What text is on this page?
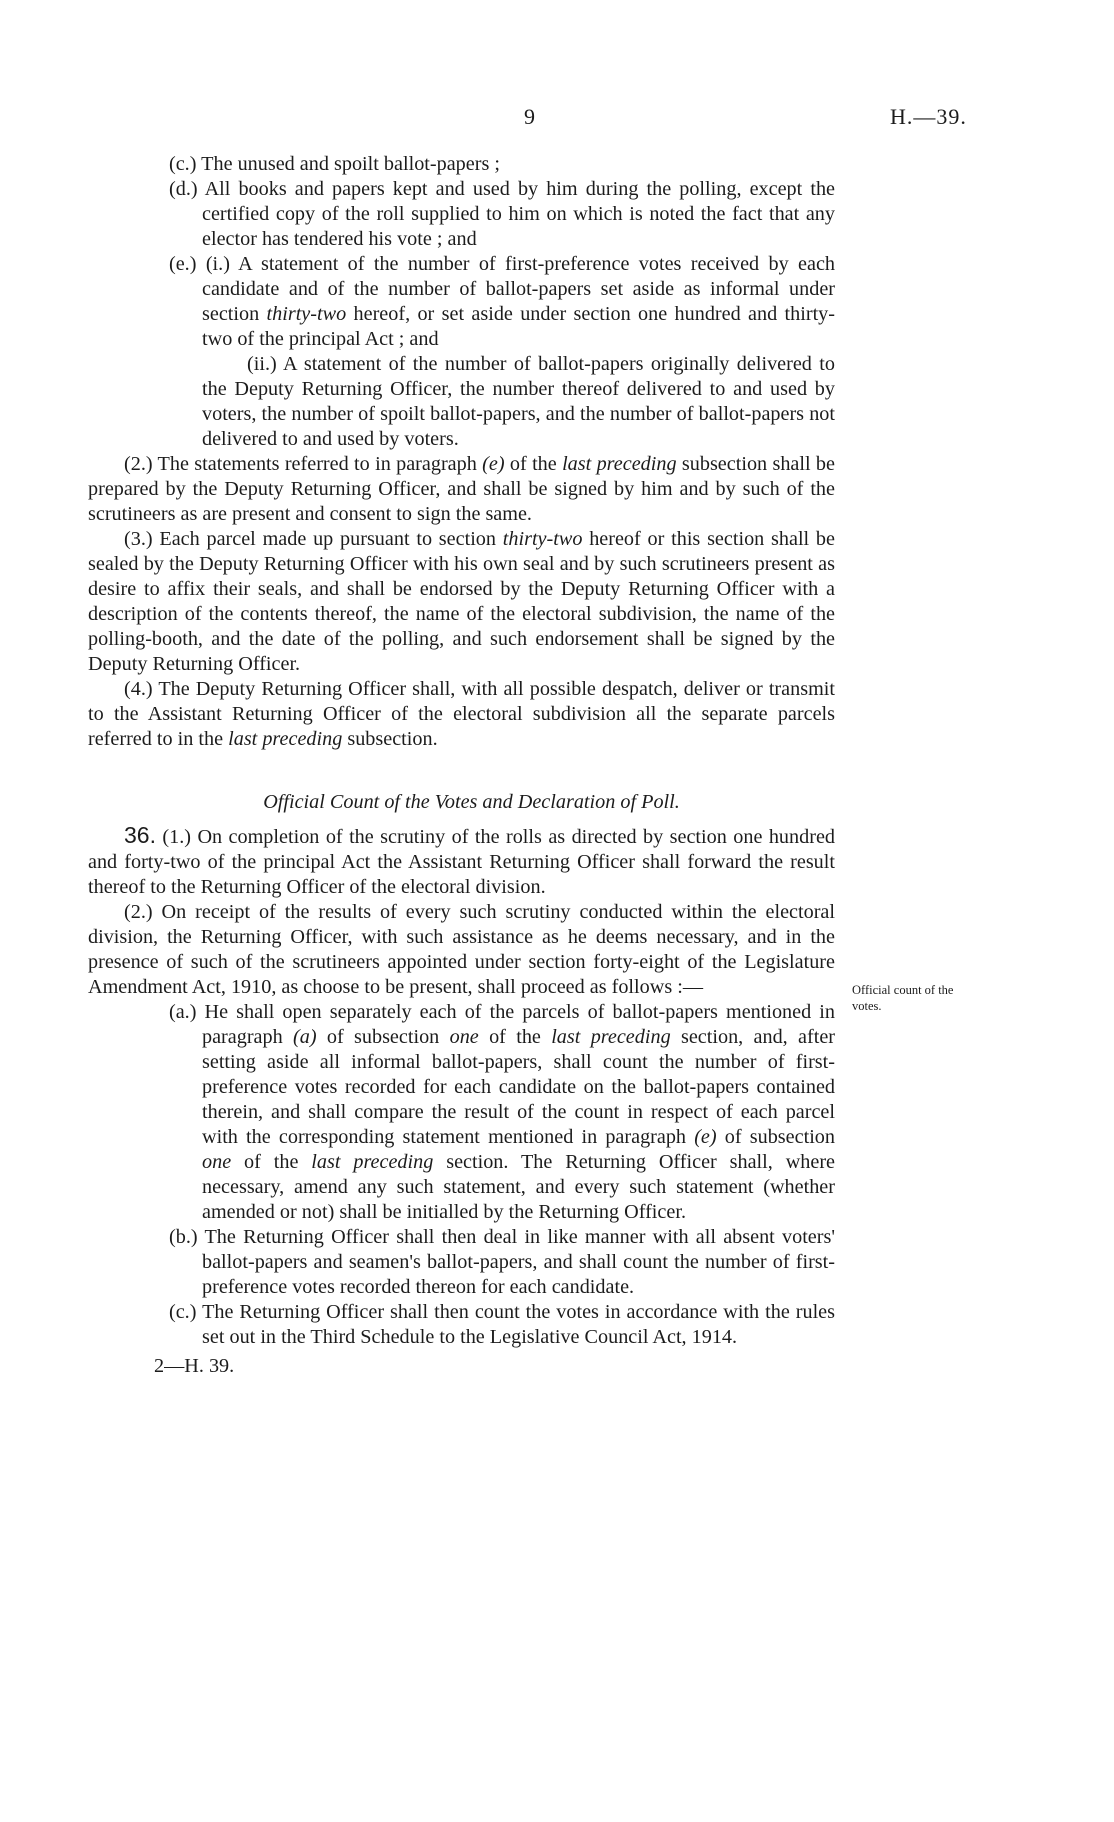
9	H.—39.

(c.) The unused and spoilt ballot-papers ;

(d.) All books and papers kept and used by him during the polling, except the certified copy of the roll supplied to him on which is noted the fact that any elector has tendered his vote ; and

(e.) (i.) A statement of the number of first-preference votes received by each candidate and of the number of ballot-papers set aside as informal under section thirty-two hereof, or set aside under section one hundred and thirty-two of the principal Act ; and

(ii.) A statement of the number of ballot-papers originally delivered to the Deputy Returning Officer, the number thereof delivered to and used by voters, the number of spoilt ballot-papers, and the number of ballot-papers not delivered to and used by voters.

(2.) The statements referred to in paragraph (e) of the last preceding subsection shall be prepared by the Deputy Returning Officer, and shall be signed by him and by such of the scrutineers as are present and consent to sign the same.

(3.) Each parcel made up pursuant to section thirty-two hereof or this section shall be sealed by the Deputy Returning Officer with his own seal and by such scrutineers present as desire to affix their seals, and shall be endorsed by the Deputy Returning Officer with a description of the contents thereof, the name of the electoral subdivision, the name of the polling-booth, and the date of the polling, and such endorsement shall be signed by the Deputy Returning Officer.

(4.) The Deputy Returning Officer shall, with all possible despatch, deliver or transmit to the Assistant Returning Officer of the electoral subdivision all the separate parcels referred to in the last preceding subsection.

Official Count of the Votes and Declaration of Poll.

36. (1.) On completion of the scrutiny of the rolls as directed by section one hundred and forty-two of the principal Act the Assistant Returning Officer shall forward the result thereof to the Returning Officer of the electoral division.

(2.) On receipt of the results of every such scrutiny conducted within the electoral division, the Returning Officer, with such assistance as he deems necessary, and in the presence of such of the scrutineers appointed under section forty-eight of the Legislature Amendment Act, 1910, as choose to be present, shall proceed as follows :—

(a.) He shall open separately each of the parcels of ballot-papers mentioned in paragraph (a) of subsection one of the last preceding section, and, after setting aside all informal ballot-papers, shall count the number of first-preference votes recorded for each candidate on the ballot-papers contained therein, and shall compare the result of the count in respect of each parcel with the corresponding statement mentioned in paragraph (e) of subsection one of the last preceding section. The Returning Officer shall, where necessary, amend any such statement, and every such statement (whether amended or not) shall be initialled by the Returning Officer.

(b.) The Returning Officer shall then deal in like manner with all absent voters' ballot-papers and seamen's ballot-papers, and shall count the number of first-preference votes recorded thereon for each candidate.

(c.) The Returning Officer shall then count the votes in accordance with the rules set out in the Third Schedule to the Legislative Council Act, 1914.

2—H. 39.

Official count of the votes.
